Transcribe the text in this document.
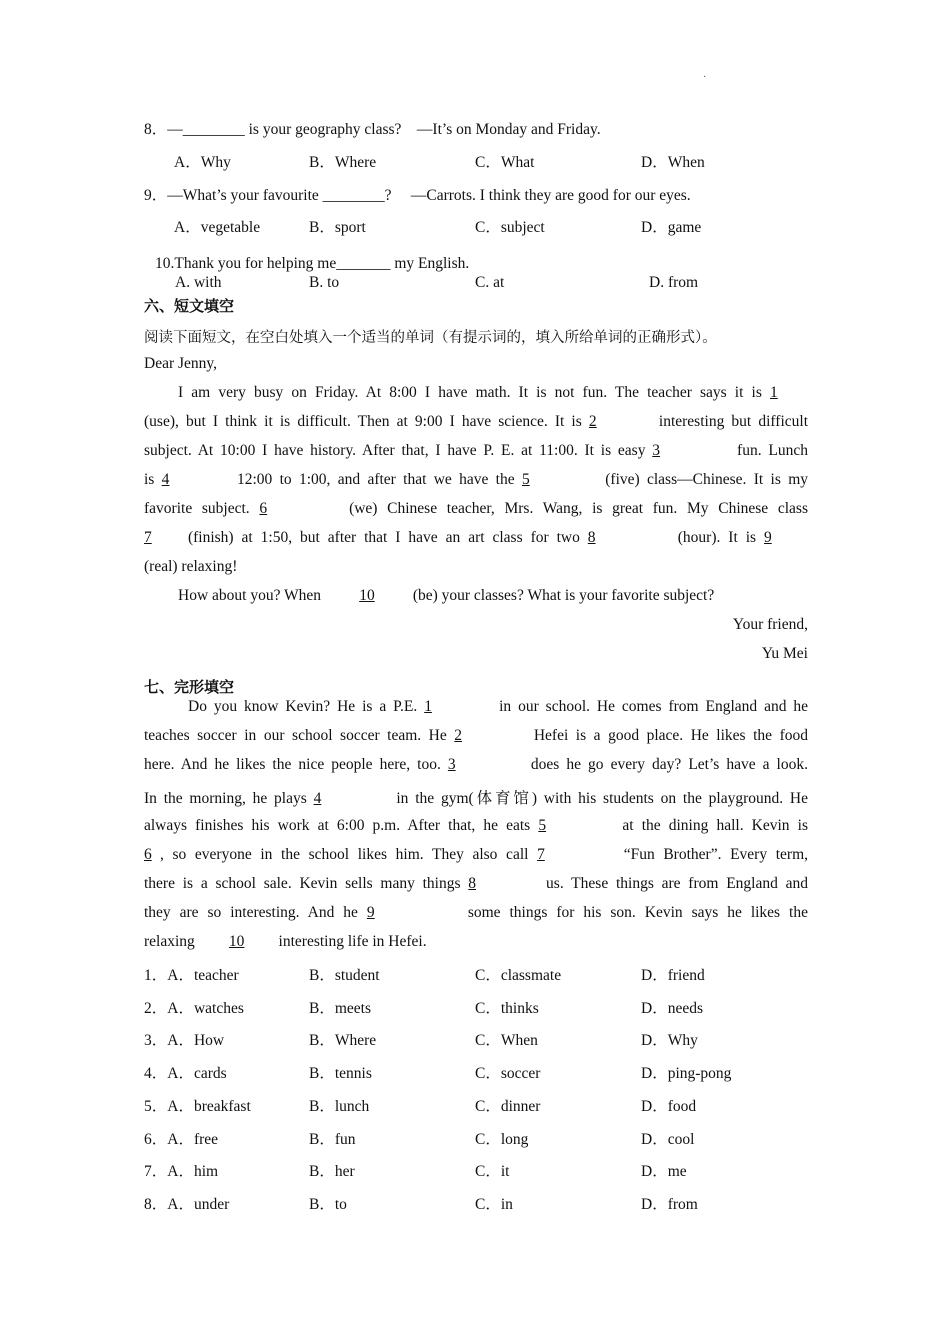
·
8．—________ is your geography class?　—It’s on Monday and Friday.
A．Why	B．Where	C．What	D．When
9．—What’s your favourite ________?　 —Carrots. I think they are good for our eyes.
A．vegetable	B．sport	C．subject	D．game
10.Thank you for helping me_______ my English.
A. with	B. to	C. at	D. from
六、短文填空
阅读下面短文，在空白处填入一个适当的单词（有提示词的，填入所给单词的正确形式）。
Dear Jenny,
I am very busy on Friday. At 8:00 I have math. It is not fun. The teacher says it is 1
(use), but I think it is difficult. Then at 9:00 I have science. It is 2	interesting but difficult
subject. At 10:00 I have history. After that, I have P. E. at 11:00. It is easy 3	fun. Lunch
is 4	12:00 to 1:00, and after that we have the 5	(five) class—Chinese. It is my
favorite subject. 6	(we) Chinese teacher, Mrs. Wang, is great fun. My Chinese class
7 (finish) at 1:50, but after that I have an art class for two 8	(hour). It is 9
(real) relaxing!
How about you? When 10 (be) your classes? What is your favorite subject?
Your friend,
Yu Mei
七、完形填空
Do you know Kevin? He is a P.E. 1	in our school. He comes from England and he
teaches soccer in our school soccer team. He 2	Hefei is a good place. He likes the food
here. And he likes the nice people here, too. 3	does he go every day? Let’s have a look.
In the morning, he plays 4	in the gym(体育馆) with his students on the playground. He
always finishes his work at 6:00 p.m. After that, he eats 5	at the dining hall. Kevin is
6 , so everyone in the school likes him. They also call 7	“Fun Brother”. Every term,
there is a school sale. Kevin sells many things 8	us. These things are from England and
they are so interesting. And he 9	some things for his son. Kevin says he likes the
relaxing 10 interesting life in Hefei.
1．A．teacher	B．student	C．classmate	D．friend
2．A．watches	B．meets	C．thinks	D．needs
3．A．How	B．Where	C．When	D．Why
4．A．cards	B．tennis	C．soccer	D．ping-pong
5．A．breakfast	B．lunch	C．dinner	D．food
6．A．free	B．fun	C．long	D．cool
7．A．him	B．her	C．it	D．me
8．A．under	B．to	C．in	D．from
